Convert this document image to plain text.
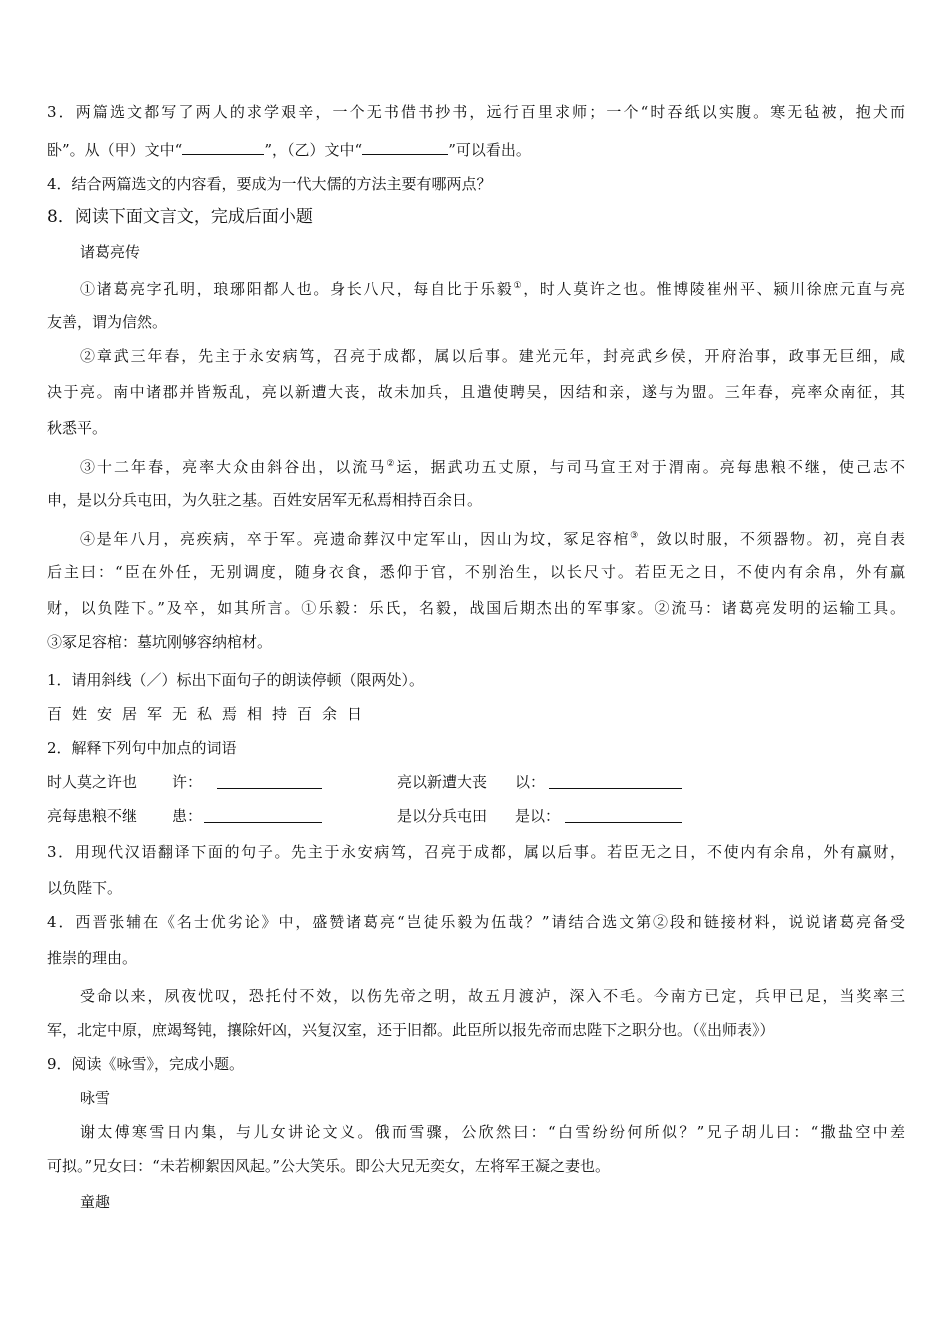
3．两篇选文都写了两人的求学艰辛，一个无书借书抄书，远行百里求师；一个“时吞纸以实腹。寒无毡被，抱犬而
卧”。从（甲）文中“	”，（乙）文中“	”可以看出。
4．结合两篇选文的内容看，要成为一代大儒的方法主要有哪两点？
8．阅读下面文言文，完成后面小题
诸葛亮传
①诸葛亮字孔明，琅琊阳都人也。身长八尺，每自比于乐毅①，时人莫许之也。惟博陵崔州平、颍川徐庶元直与亮
友善，谓为信然。
②章武三年春，先主于永安病笃，召亮于成都，属以后事。建光元年，封亮武乡侯，开府治事，政事无巨细，咸
决于亮。南中诸郡并皆叛乱，亮以新遭大丧，故未加兵，且遣使聘吴，因结和亲，遂与为盟。三年春，亮率众南征，其
秋悉平。
③十二年春，亮率大众由斜谷出，以流马②运，据武功五丈原，与司马宣王对于渭南。亮每患粮不继，使己志不
申，是以分兵屯田，为久驻之基。百姓安居军无私焉相持百余日。
④是年八月，亮疾病，卒于军。亮遗命葬汉中定军山，因山为坟，冢足容棺③，敛以时服，不须器物。初，亮自表
后主曰：“臣在外任，无别调度，随身衣食，悉仰于官，不别治生，以长尺寸。若臣无之日，不使内有余帛，外有赢
财，以负陛下。”及卒，如其所言。①乐毅：乐氏，名毅，战国后期杰出的军事家。②流马：诸葛亮发明的运输工具。
③冢足容棺：墓坑刚够容纳棺材。
1．请用斜线（／）标出下面句子的朗读停顿（限两处）。
百姓安居军无私焉相持百余日
2．解释下列句中加点的词语
时人莫之许也 许：	亮以新遭大丧 以：
亮每患粮不继 患：	是以分兵屯田 是以：
3．用现代汉语翻译下面的句子。先主于永安病笃，召亮于成都，属以后事。若臣无之日，不使内有余帛，外有赢财，
以负陛下。
4．西晋张辅在《名士优劣论》中，盛赞诸葛亮“岂徒乐毅为伍哉？”请结合选文第②段和链接材料，说说诸葛亮备受
推崇的理由。
受命以来，夙夜忧叹，恐托付不效，以伤先帝之明，故五月渡泸，深入不毛。今南方已定，兵甲已足，当奖率三
军，北定中原，庶竭驽钝，攘除奸凶，兴复汉室，还于旧都。此臣所以报先帝而忠陛下之职分也。（《出师表》）
9．阅读《咏雪》，完成小题。
咏雪
谢太傅寒雪日内集，与儿女讲论文义。俄而雪骤，公欣然曰：“白雪纷纷何所似？”兄子胡儿曰：“撒盐空中差
可拟。”兄女曰：“未若柳絮因风起。”公大笑乐。即公大兄无奕女，左将军王凝之妻也。
童趣
